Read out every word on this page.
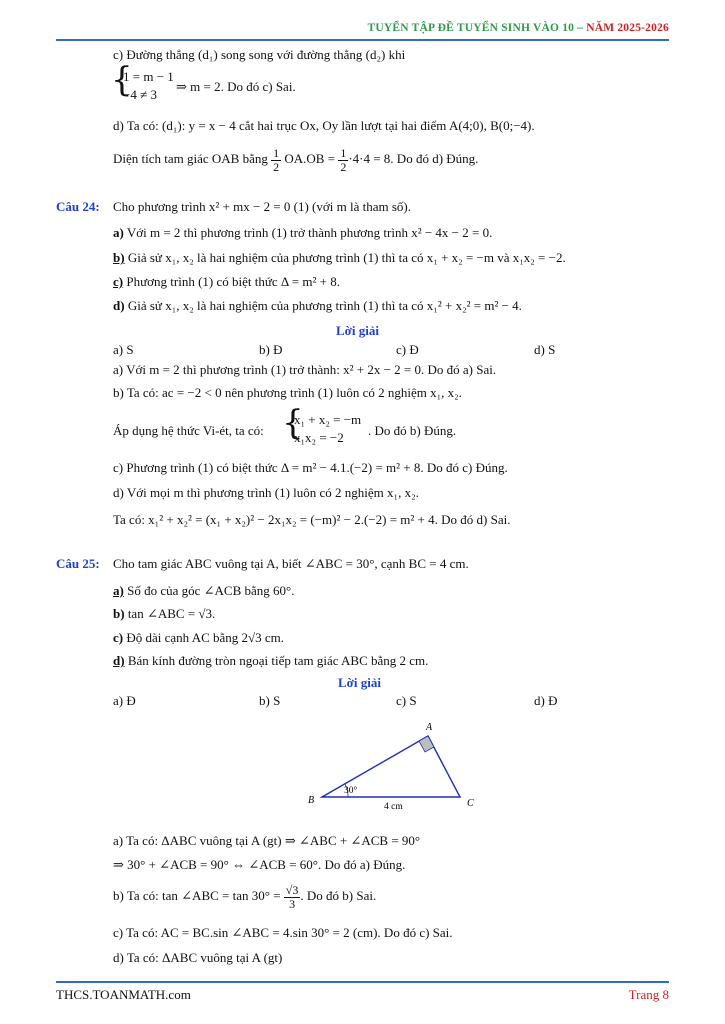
TUYỂN TẬP ĐỀ TUYỂN SINH VÀO 10 – NĂM 2025-2026
c) Đường thẳng (d₁) song song với đường thẳng (d₂) khi
{ 1 = m − 1
−4 ≠ 3
⇒ m = 2. Do đó c) Sai.
d) Ta có: (d₁): y = x − 4 cắt hai trục Ox, Oy lần lượt tại hai điểm A(4;0), B(0;−4).
Diện tích tam giác OAB bằng $\frac{1}{2} OA.OB = \frac{1}{2} \cdot 4\cdot 4 = 8$. Do đó d) Đúng.
Câu 24: Cho phương trình x² + mx − 2 = 0 (1) (với m là tham số).
a) Với m = 2 thì phương trình (1) trở thành phương trình x² − 4x − 2 = 0.
b) Giả sử x₁, x₂ là hai nghiệm của phương trình (1) thì ta có x₁ + x₂ = −m và x₁x₂ = −2.
c) Phương trình (1) có biệt thức Δ = m² + 8.
d) Giả sử x₁, x₂ là hai nghiệm của phương trình (1) thì ta có x₁² + x₂² = m² − 4.
Lời giải
a) S	b) Đ	c) Đ	d) S
a) Với m = 2 thì phương trình (1) trở thành: x² + 2x − 2 = 0. Do đó a) Sai.
b) Ta có: ac = −2 < 0 nên phương trình (1) luôn có 2 nghiệm x₁, x₂.
Áp dụng hệ thức Vi-ét, ta có:
{ x₁ + x₂ = −m
x₁x₂ = −2	. Do đó b) Đúng.
c) Phương trình (1) có biệt thức Δ = m² − 4.1.(−2) = m² + 8. Do đó c) Đúng.
d) Với mọi m thì phương trình (1) luôn có 2 nghiệm x₁, x₂.
Ta có: x₁² + x₂² = (x₁ + x₂)² − 2x₁x₂ = (−m)² − 2.(−2) = m² + 4. Do đó d) Sai.
Câu 25: Cho tam giác ABC vuông tại A, biết ∠ABC = 30°, cạnh BC = 4 cm.
a) Số đo của góc ∠ACB bằng 60°.
b) tan ∠ABC = √3.
c) Độ dài cạnh AC bằng 2√3 cm.
d) Bán kính đường tròn ngoại tiếp tam giác ABC bằng 2 cm.
Lời giải
a) Đ	b) S	c) S	d) Đ
A
B	C
30°
4 cm
a) Ta có: ΔABC vuông tại A (gt) ⇒ ∠ABC + ∠ACB = 90°
⇒ 30° + ∠ACB = 90° ⇔ ∠ACB = 60°. Do đó a) Đúng.
b) Ta có: tan ∠ABC = $\tan 30^\circ = \frac{√3}{3}$ . Do đó b) Sai.
c) Ta có: AC = BC.sin ∠ABC = 4.sin 30° = 2 (cm). Do đó c) Sai.
d) Ta có: ΔABC vuông tại A (gt)
THCS.TOANMATH.com	Trang 8
